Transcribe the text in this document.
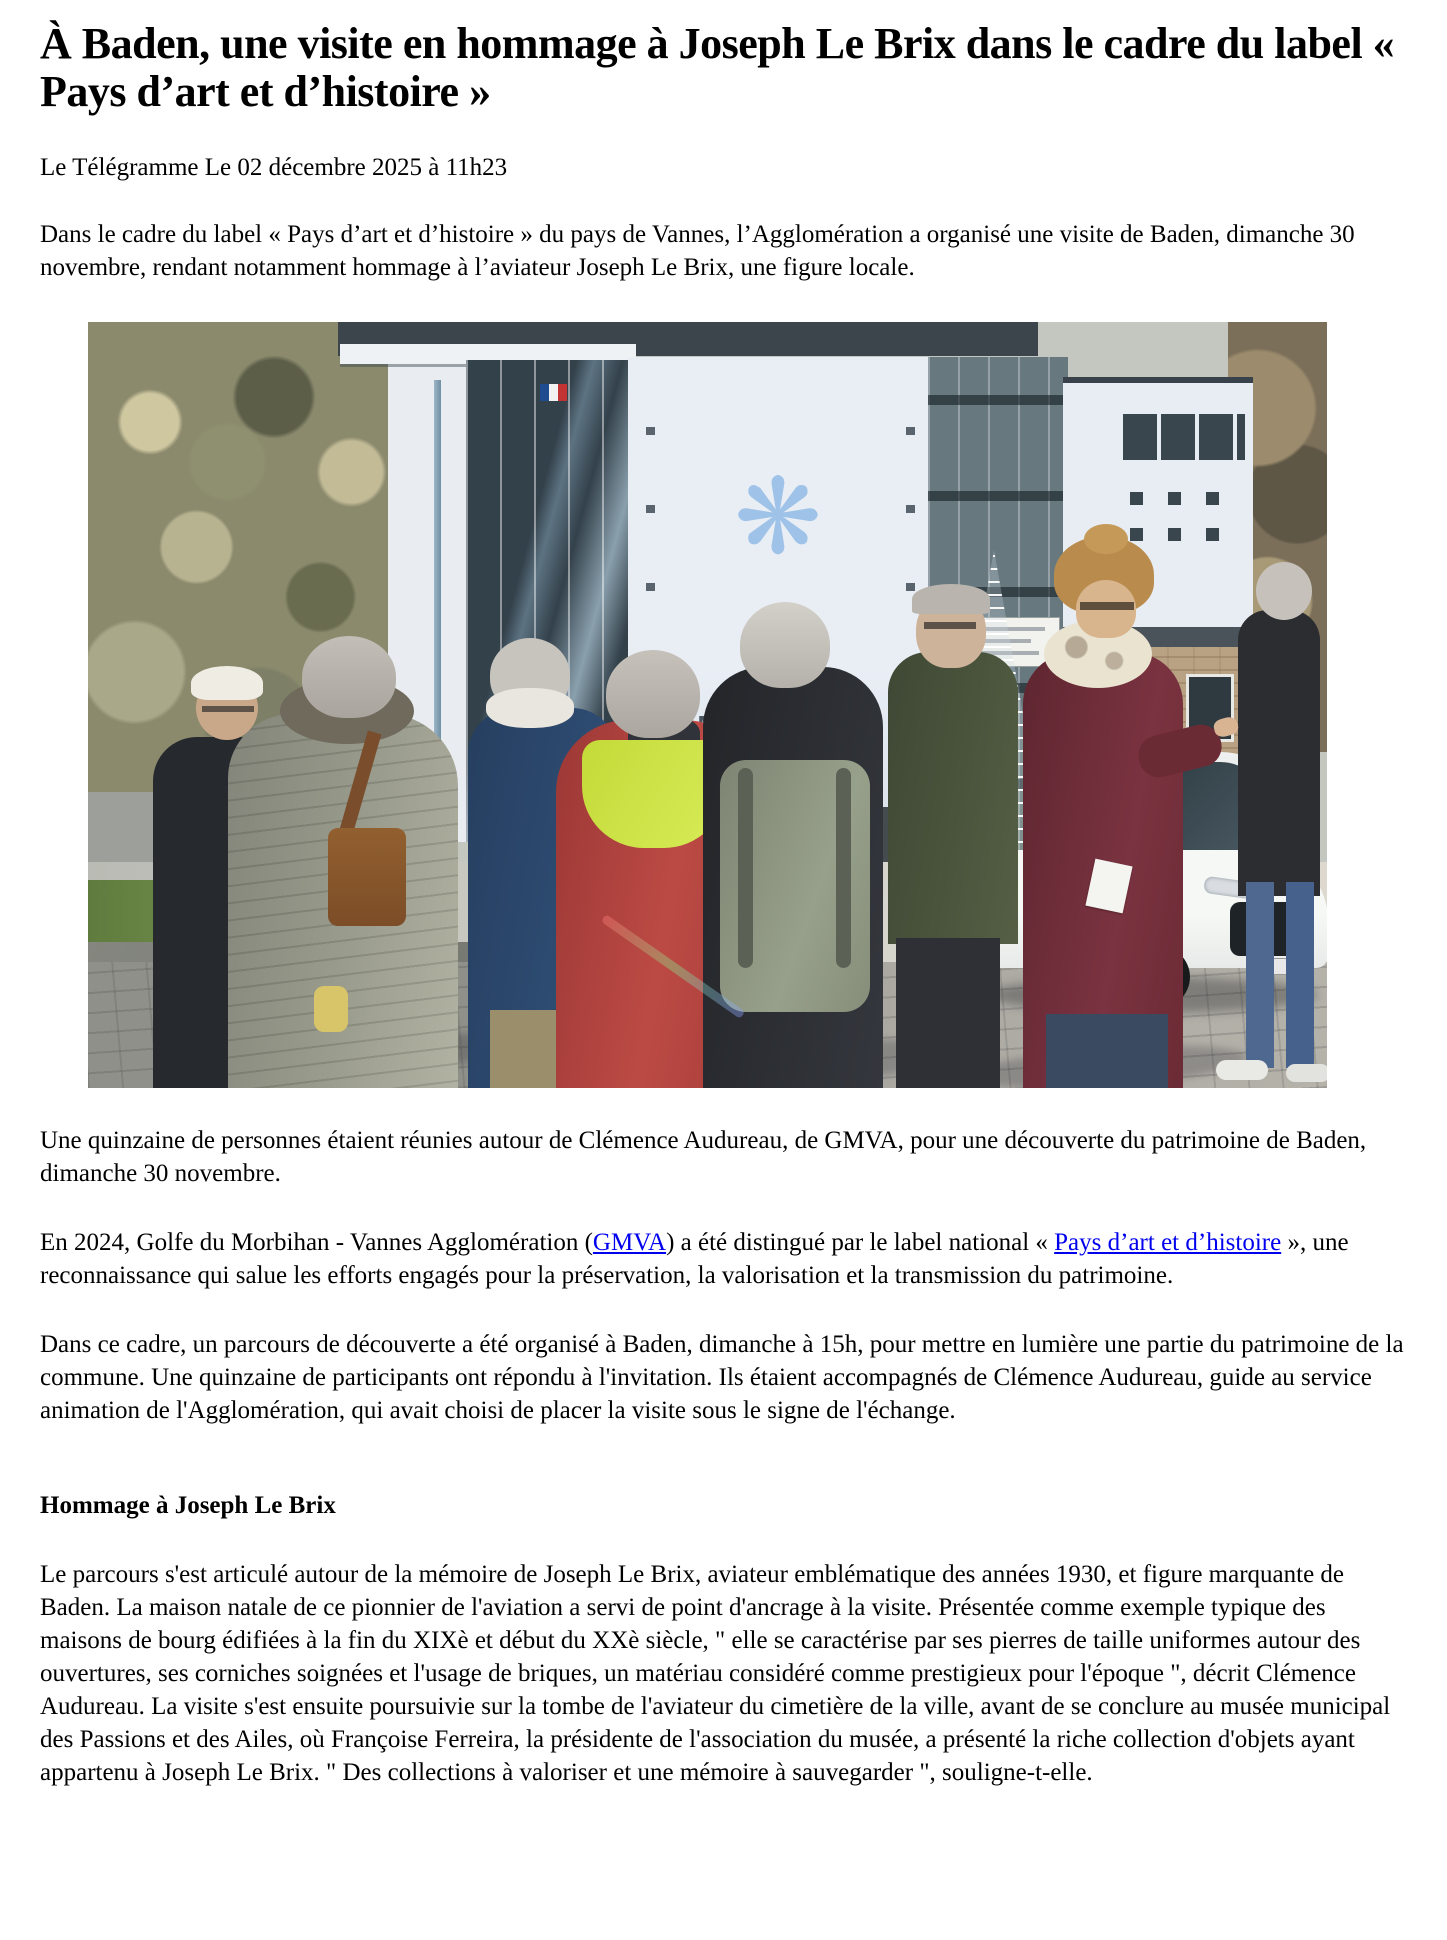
À Baden, une visite en hommage à Joseph Le Brix dans le cadre du label « Pays d’art et d’histoire »

Le Télégramme Le 02 décembre 2025 à 11h23

Dans le cadre du label « Pays d’art et d’histoire » du pays de Vannes, l’Agglomération a organisé une visite de Baden, dimanche 30 novembre, rendant notamment hommage à l’aviateur Joseph Le Brix, une figure locale.

❋

Une quinzaine de personnes étaient réunies autour de Clémence Audureau, de GMVA, pour une découverte du patrimoine de Baden, dimanche 30 novembre.

En 2024, Golfe du Morbihan - Vannes Agglomération (GMVA) a été distingué par le label national « Pays d’art et d’histoire », une reconnaissance qui salue les efforts engagés pour la préservation, la valorisation et la transmission du patrimoine.

Dans ce cadre, un parcours de découverte a été organisé à Baden, dimanche à 15h, pour mettre en lumière une partie du patrimoine de la commune. Une quinzaine de participants ont répondu à l'invitation. Ils étaient accompagnés de Clémence Audureau, guide au service animation de l'Agglomération, qui avait choisi de placer la visite sous le signe de l'échange.

Hommage à Joseph Le Brix

Le parcours s'est articulé autour de la mémoire de Joseph Le Brix, aviateur emblématique des années 1930, et figure marquante de Baden. La maison natale de ce pionnier de l'aviation a servi de point d'ancrage à la visite. Présentée comme exemple typique des maisons de bourg édifiées à la fin du XIXè et début du XXè siècle, " elle se caractérise par ses pierres de taille uniformes autour des ouvertures, ses corniches soignées et l'usage de briques, un matériau considéré comme prestigieux pour l'époque ", décrit Clémence Audureau. La visite s'est ensuite poursuivie sur la tombe de l'aviateur du cimetière de la ville, avant de se conclure au musée municipal des Passions et des Ailes, où Françoise Ferreira, la présidente de l'association du musée, a présenté la riche collection d'objets ayant appartenu à Joseph Le Brix. " Des collections à valoriser et une mémoire à sauvegarder ", souligne-t-elle.
